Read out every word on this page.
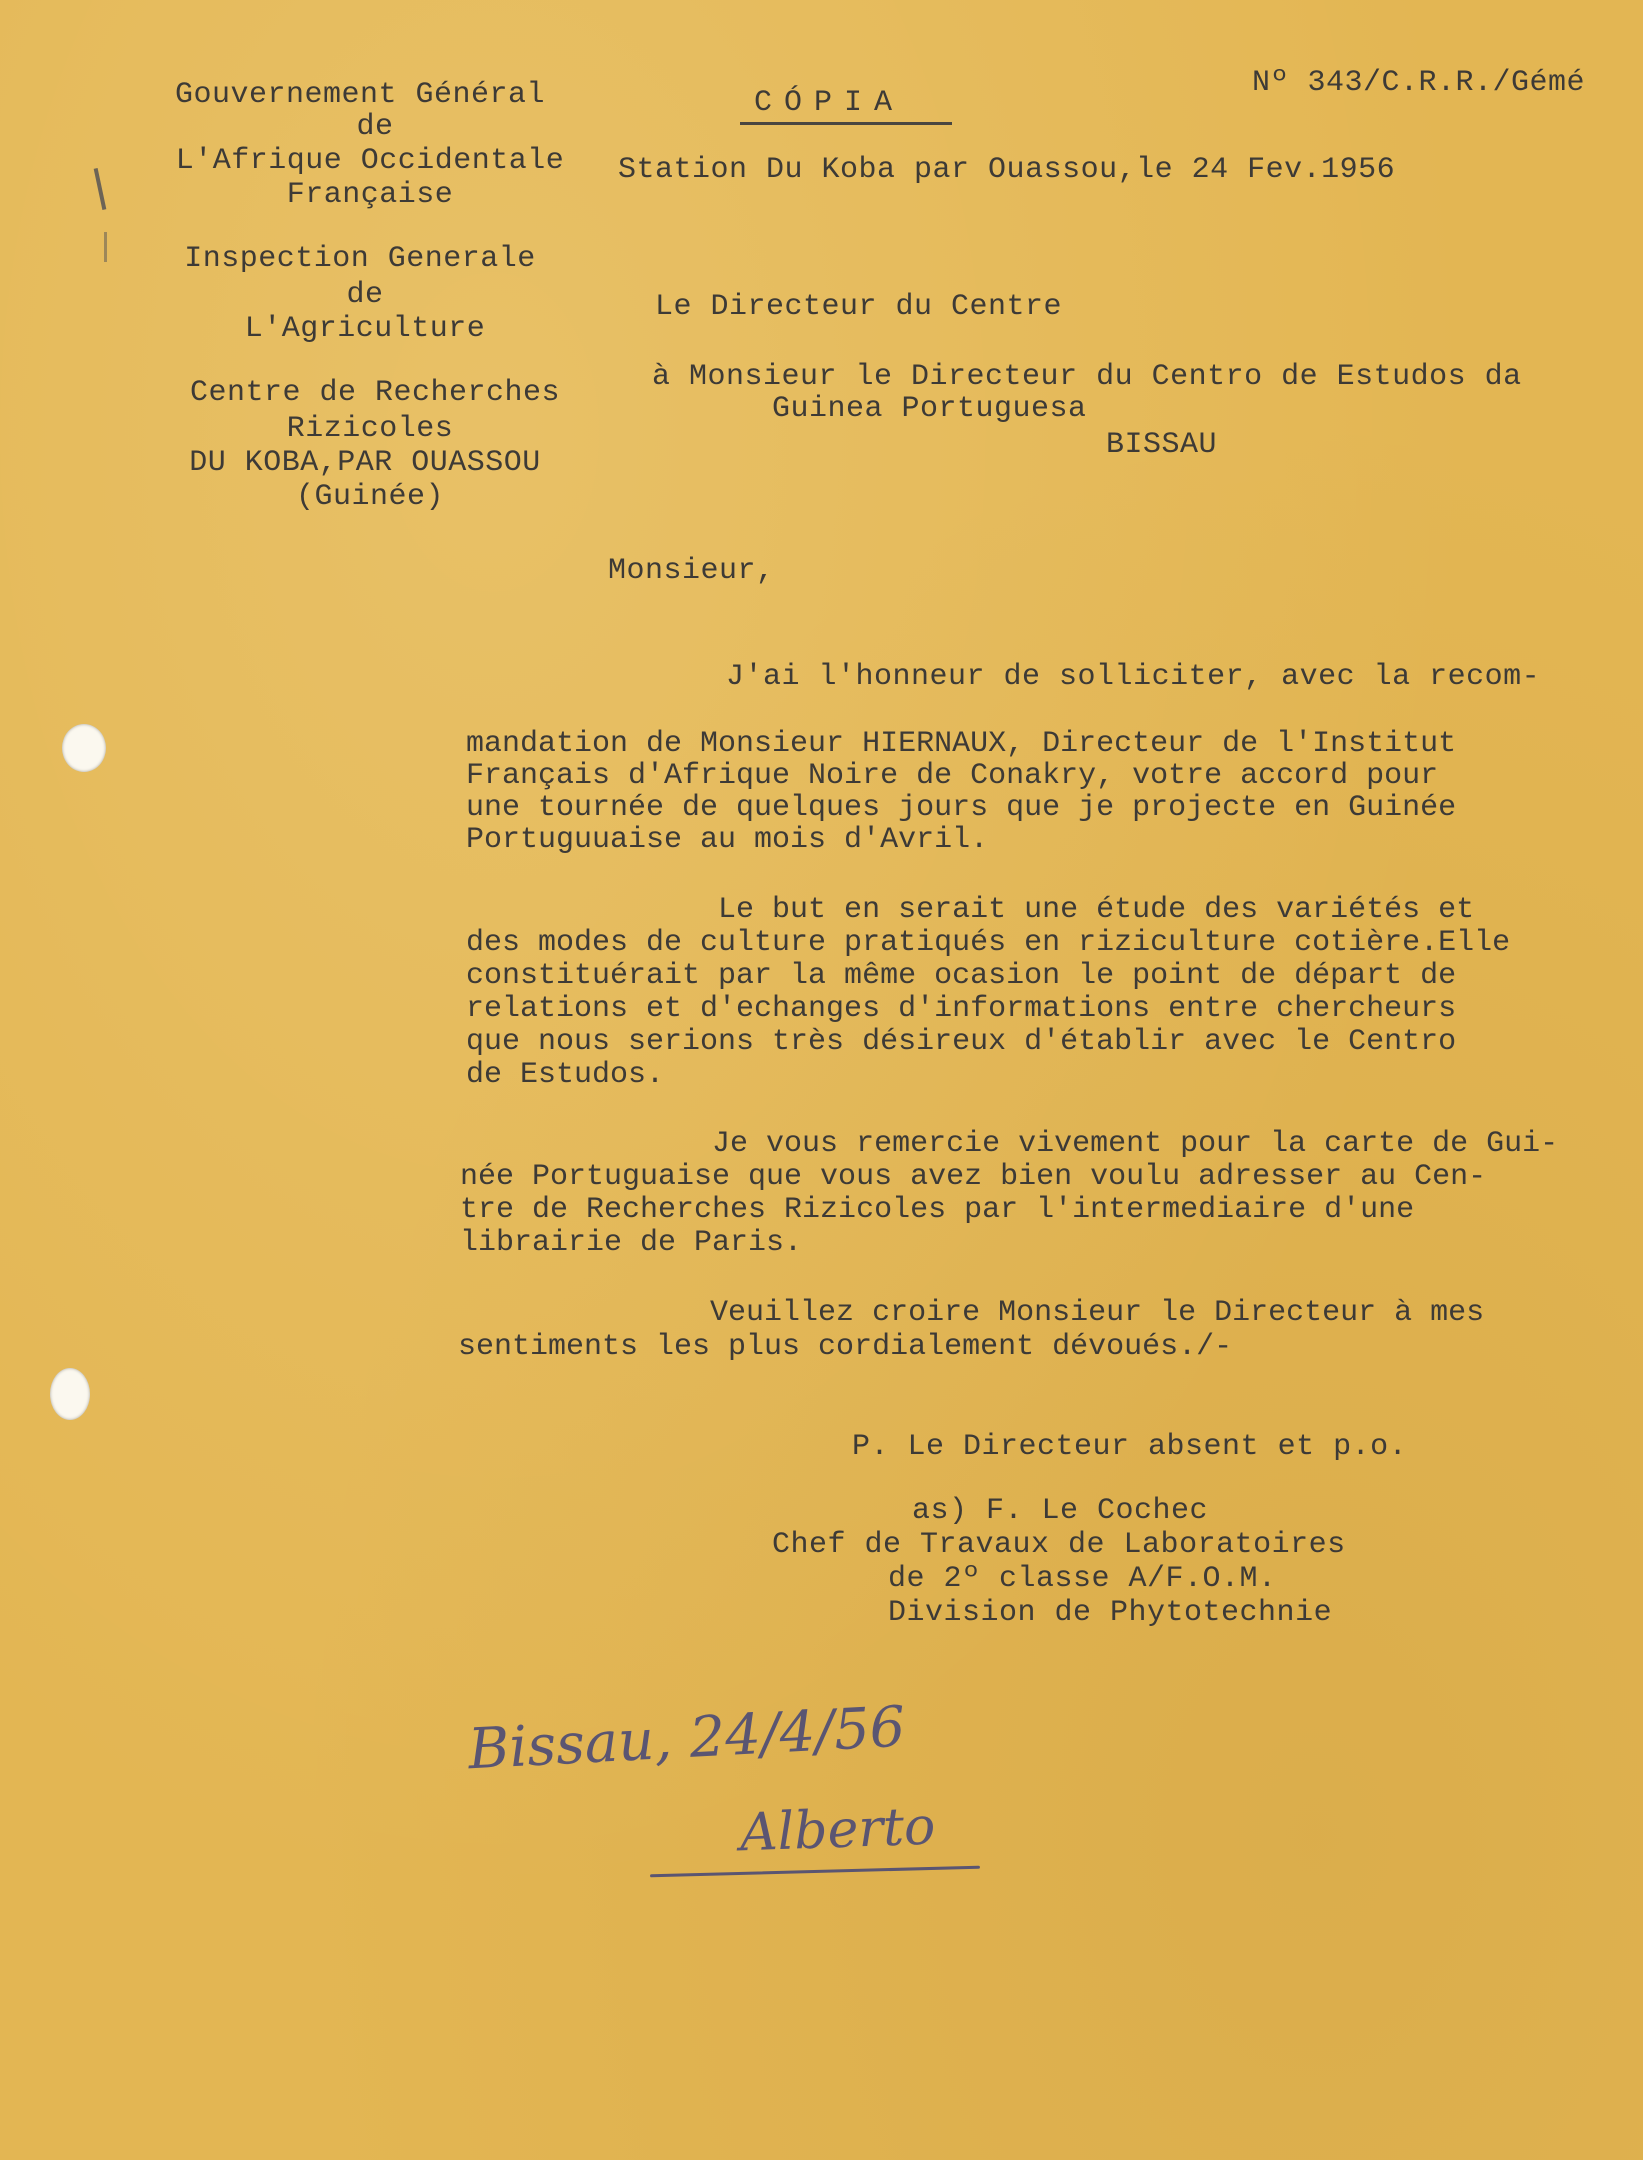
Gouvernement Général
de
L'Afrique Occidentale
Française
Inspection Generale
de
L'Agriculture
Centre de Recherches
Rizicoles
DU KOBA,PAR OUASSOU
(Guinée)
CÓPIA
Nº 343/C.R.R./Gémé
Station Du Koba par Ouassou,le 24 Fev.1956
Le Directeur du Centre
à Monsieur le Directeur du Centro de Estudos da
Guinea Portuguesa
BISSAU
Monsieur,
J'ai l'honneur de solliciter, avec la recom-
mandation de Monsieur HIERNAUX, Directeur de l'Institut
Français d'Afrique Noire de Conakry, votre accord pour
une tournée de quelques jours que je projecte en Guinée
Portuguuaise au mois d'Avril.
Le but en serait une étude des variétés et
des modes de culture pratiqués en riziculture cotière.Elle
constituérait par la même ocasion le point de départ de
relations et d'echanges d'informations entre chercheurs
que nous serions très désireux d'établir avec le Centro
de Estudos.
Je vous remercie vivement pour la carte de Gui-
née Portuguaise que vous avez bien voulu adresser au Cen-
tre de Recherches Rizicoles par l'intermediaire d'une
librairie de Paris.
Veuillez croire Monsieur le Directeur à mes
sentiments les plus cordialement dévoués./-
P. Le Directeur absent et p.o.
as) F. Le Cochec
Chef de Travaux de Laboratoires
de 2º classe A/F.O.M.
Division de Phytotechnie
Bissau, 24/4/56
Alberto
